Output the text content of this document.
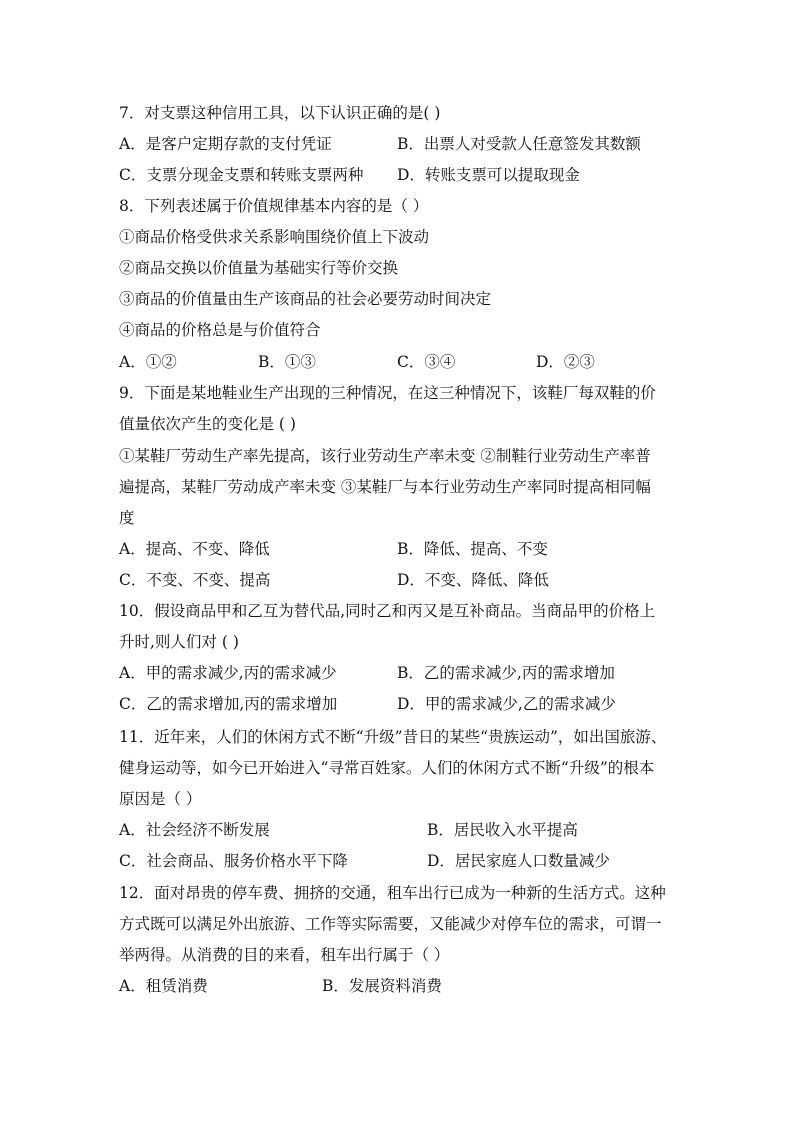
7．对支票这种信用工具，以下认识正确的是( )
A．是客户定期存款的支付凭证	B．出票人对受款人任意签发其数额
C．支票分现金支票和转账支票两种 D．转账支票可以提取现金
8．下列表述属于价值规律基本内容的是（ ）
①商品价格受供求关系影响围绕价值上下波动
②商品交换以价值量为基础实行等价交换
③商品的价值量由生产该商品的社会必要劳动时间决定
④商品的价格总是与价值符合
A．①②	B．①③	C．③④	D．②③
9．下面是某地鞋业生产出现的三种情况，在这三种情况下，该鞋厂每双鞋的价
值量依次产生的变化是 ( )
①某鞋厂劳动生产率先提高，该行业劳动生产率未变 ②制鞋行业劳动生产率普
遍提高，某鞋厂劳动成产率未变 ③某鞋厂与本行业劳动生产率同时提高相同幅
度
A．提高、不变、降低	B．降低、提高、不变
C．不变、不变、提高	D．不变、降低、降低
10．假设商品甲和乙互为替代品,同时乙和丙又是互补商品。当商品甲的价格上
升时,则人们对 ( )
A．甲的需求减少,丙的需求减少	B．乙的需求减少,丙的需求增加
C．乙的需求增加,丙的需求增加	D．甲的需求减少,乙的需求减少
11．近年来，人们的休闲方式不断“升级”昔日的某些“贵族运动”，如出国旅游、
健身运动等，如今已开始进入“寻常百姓家。人们的休闲方式不断“升级”的根本
原因是（ ）
A．社会经济不断发展	B．居民收入水平提高
C．社会商品、服务价格水平下降	D．居民家庭人口数量减少
12．面对昂贵的停车费、拥挤的交通，租车出行已成为一种新的生活方式。这种
方式既可以满足外出旅游、工作等实际需要，又能减少对停车位的需求，可谓一
举两得。从消费的目的来看，租车出行属于（ ）
A．租赁消费	B．发展资料消费
